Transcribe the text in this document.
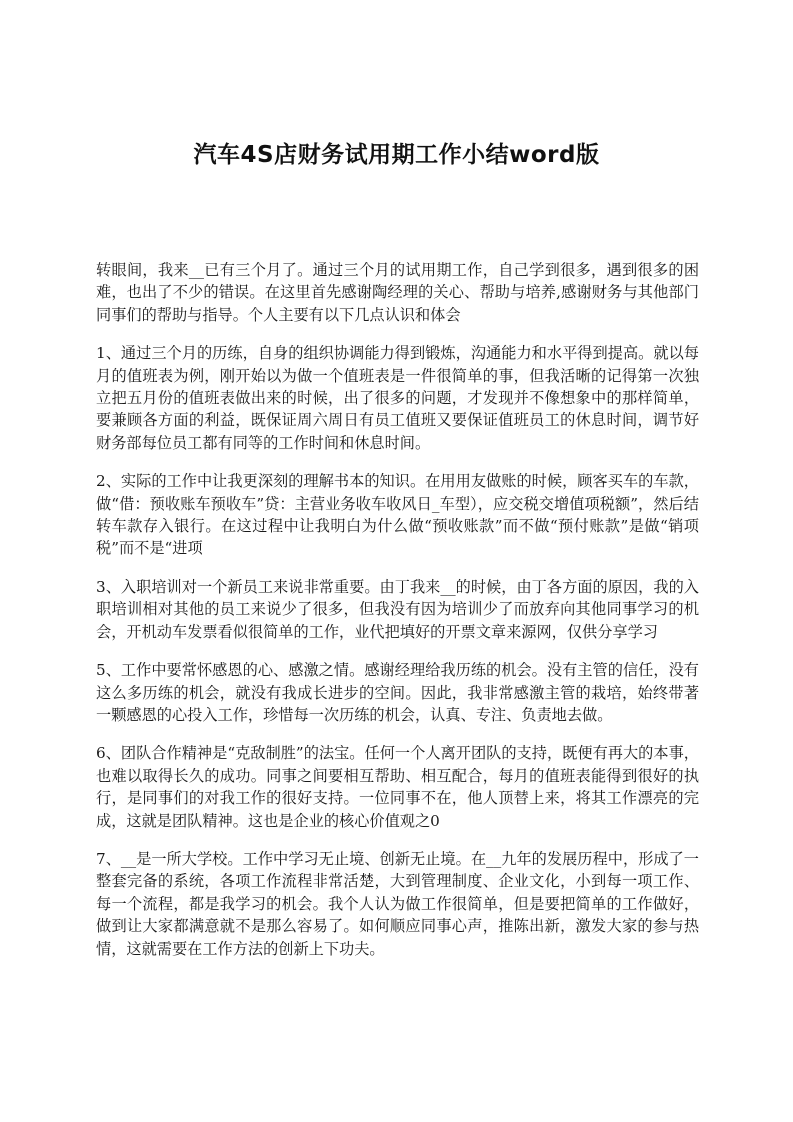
汽车4S店财务试用期工作小结word版

转眼间，我来__已有三个月了。通过三个月的试用期工作，自己学到很多，遇到很多的困难，也出了不少的错误。在这里首先感谢陶经理的关心、帮助与培养,感谢财务与其他部门同事们的帮助与指导。个人主要有以下几点认识和体会

1、通过三个月的历练，自身的组织协调能力得到锻炼，沟通能力和水平得到提高。就以每月的值班表为例，刚开始以为做一个值班表是一件很简单的事，但我活晰的记得第一次独立把五月份的值班表做出来的时候，出了很多的问题，才发现并不像想象中的那样简单，要兼顾各方面的利益，既保证周六周日有员工值班又要保证值班员工的休息时间，调节好财务部每位员工都有同等的工作时间和休息时间。

2、实际的工作中让我更深刻的理解书本的知识。在用用友做账的时候，顾客买车的车款，做“借：预收账车预收车”贷：主营业务收车收风日_车型），应交税交增值项税额”，然后结转车款存入银行。在这过程中让我明白为什么做“预收账款”而不做“预付账款”是做“销项税”而不是“进项

3、入职培训对一个新员工来说非常重要。由丁我来__的时候，由丁各方面的原因，我的入职培训相对其他的员工来说少了很多，但我没有因为培训少了而放弃向其他同事学习的机会，开机动车发票看似很简单的工作，业代把填好的开票文章来源网，仅供分享学习

5、工作中要常怀感恩的心、感激之情。感谢经理给我历练的机会。没有主管的信任，没有这么多历练的机会，就没有我成长进步的空间。因此，我非常感激主管的栽培，始终带著一颗感恩的心投入工作，珍惜每一次历练的机会，认真、专注、负责地去做。

6、团队合作精神是“克敌制胜”的法宝。任何一个人离开团队的支持，既便有再大的本事，也难以取得长久的成功。同事之间要相互帮助、相互配合，每月的值班表能得到很好的执行，是同事们的对我工作的很好支持。一位同事不在，他人顶替上来，将其工作漂亮的完成，这就是团队精神。这也是企业的核心价值观之0

7、__是一所大学校。工作中学习无止境、创新无止境。在__九年的发展历程中，形成了一整套完备的系统，各项工作流程非常活楚，大到管理制度、企业文化，小到每一项工作、每一个流程，都是我学习的机会。我个人认为做工作很简单，但是要把简单的工作做好，做到让大家都满意就不是那么容易了。如何顺应同事心声，推陈出新，激发大家的参与热情，这就需要在工作方法的创新上下功夫。
